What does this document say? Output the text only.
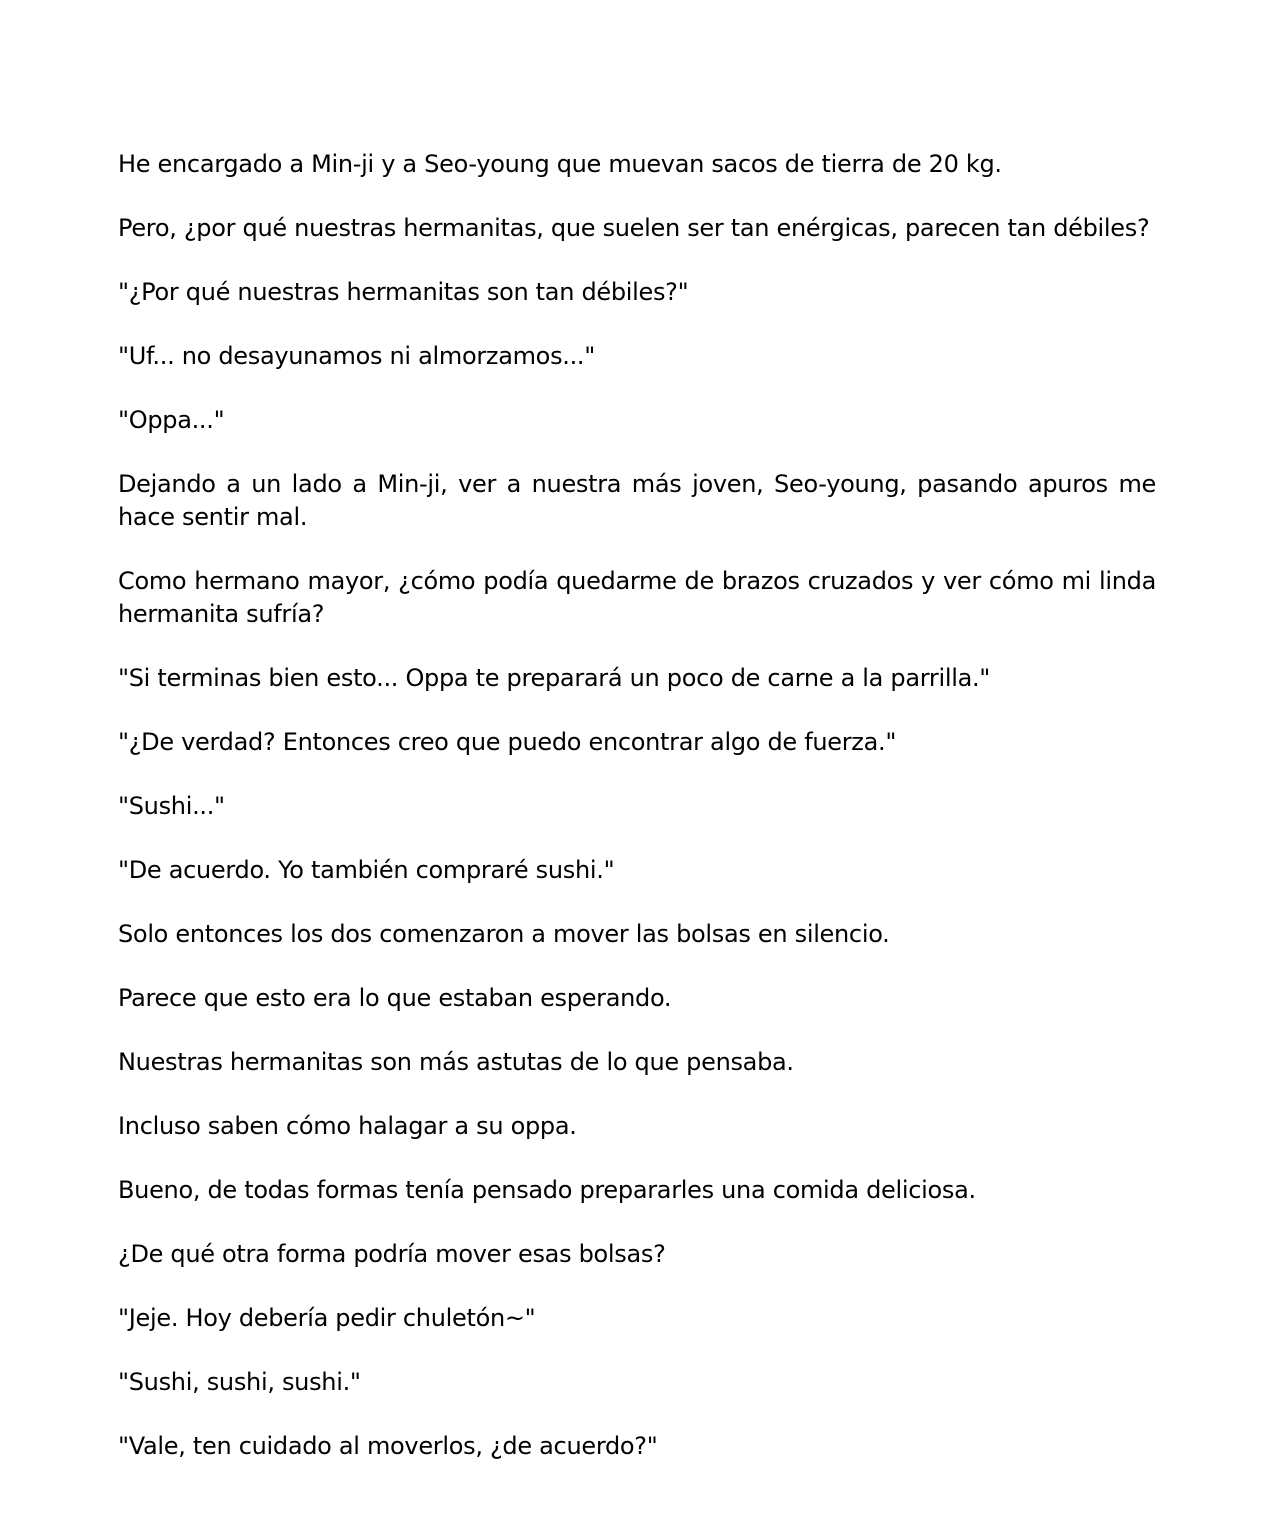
He encargado a Min-ji y a Seo-young que muevan sacos de tierra de 20 kg.

Pero, ¿por qué nuestras hermanitas, que suelen ser tan enérgicas, parecen tan débiles?

"¿Por qué nuestras hermanitas son tan débiles?"

"Uf... no desayunamos ni almorzamos..."

"Oppa..."

Dejando a un lado a Min-ji, ver a nuestra más joven, Seo-young, pasando apuros me hace sentir mal.

Como hermano mayor, ¿cómo podía quedarme de brazos cruzados y ver cómo mi linda hermanita sufría?

"Si terminas bien esto... Oppa te preparará un poco de carne a la parrilla."

"¿De verdad? Entonces creo que puedo encontrar algo de fuerza."

"Sushi..."

"De acuerdo. Yo también compraré sushi."

Solo entonces los dos comenzaron a mover las bolsas en silencio.

Parece que esto era lo que estaban esperando.

Nuestras hermanitas son más astutas de lo que pensaba.

Incluso saben cómo halagar a su oppa.

Bueno, de todas formas tenía pensado prepararles una comida deliciosa.

¿De qué otra forma podría mover esas bolsas?

"Jeje. Hoy debería pedir chuletón~"

"Sushi, sushi, sushi."

"Vale, ten cuidado al moverlos, ¿de acuerdo?"
